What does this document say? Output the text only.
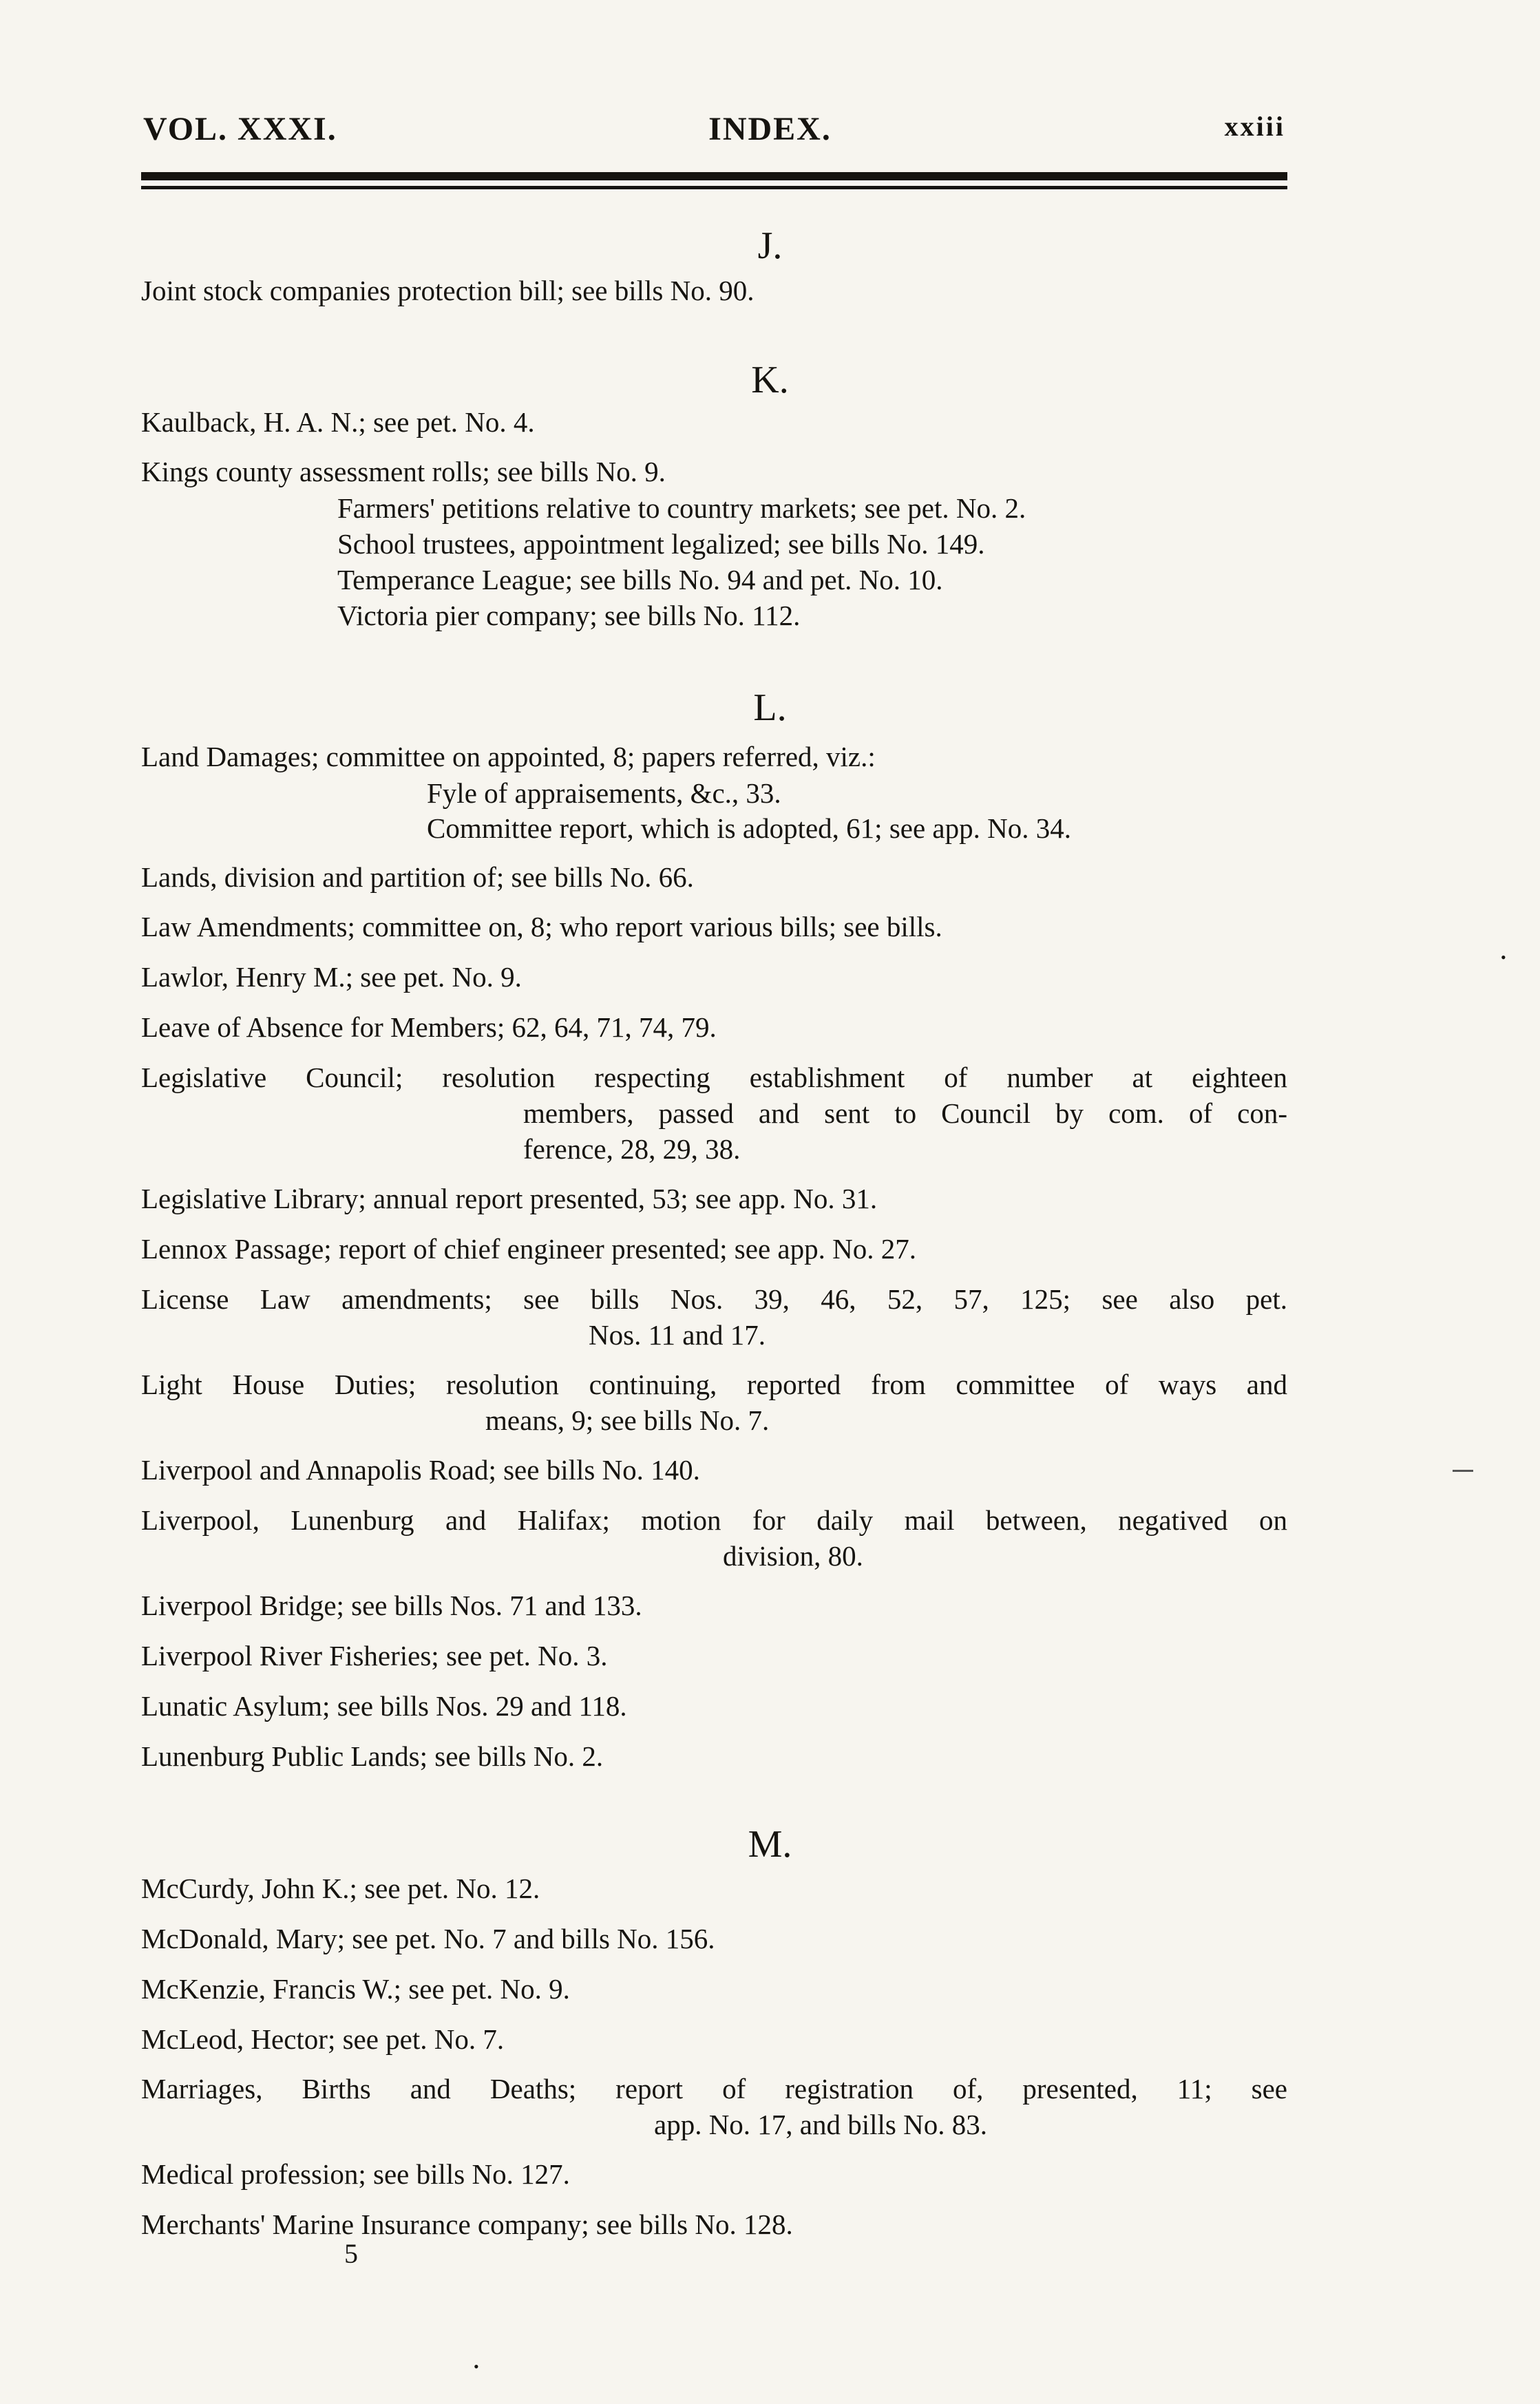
VOL. XXXI.	INDEX.	xxiii
J.
Joint stock companies protection bill; see bills No. 90.
K.
Kaulback, H. A. N.; see pet. No. 4.
Kings county assessment rolls; see bills No. 9.
Farmers' petitions relative to country markets; see pet. No. 2.
School trustees, appointment legalized; see bills No. 149.
Temperance League; see bills No. 94 and pet. No. 10.
Victoria pier company; see bills No. 112.
L.
Land Damages; committee on appointed, 8; papers referred, viz.:
Fyle of appraisements, &c., 33.
Committee report, which is adopted, 61; see app. No. 34.
Lands, division and partition of; see bills No. 66.
Law Amendments; committee on, 8; who report various bills; see bills.
Lawlor, Henry M.; see pet. No. 9.
Leave of Absence for Members; 62, 64, 71, 74, 79.
Legislative Council; resolution respecting establishment of number at eighteen
members, passed and sent to Council by com. of con-
ference, 28, 29, 38.
Legislative Library; annual report presented, 53; see app. No. 31.
Lennox Passage; report of chief engineer presented; see app. No. 27.
License Law amendments; see bills Nos. 39, 46, 52, 57, 125; see also pet.
Nos. 11 and 17.
Light House Duties; resolution continuing, reported from committee of ways and
means, 9; see bills No. 7.
Liverpool and Annapolis Road; see bills No. 140.
Liverpool, Lunenburg and Halifax; motion for daily mail between, negatived on
division, 80.
Liverpool Bridge; see bills Nos. 71 and 133.
Liverpool River Fisheries; see pet. No. 3.
Lunatic Asylum; see bills Nos. 29 and 118.
Lunenburg Public Lands; see bills No. 2.
M.
McCurdy, John K.; see pet. No. 12.
McDonald, Mary; see pet. No. 7 and bills No. 156.
McKenzie, Francis W.; see pet. No. 9.
McLeod, Hector; see pet. No. 7.
Marriages, Births and Deaths; report of registration of, presented, 11; see
app. No. 17, and bills No. 83.
Medical profession; see bills No. 127.
Merchants' Marine Insurance company; see bills No. 128.
5
•
•
